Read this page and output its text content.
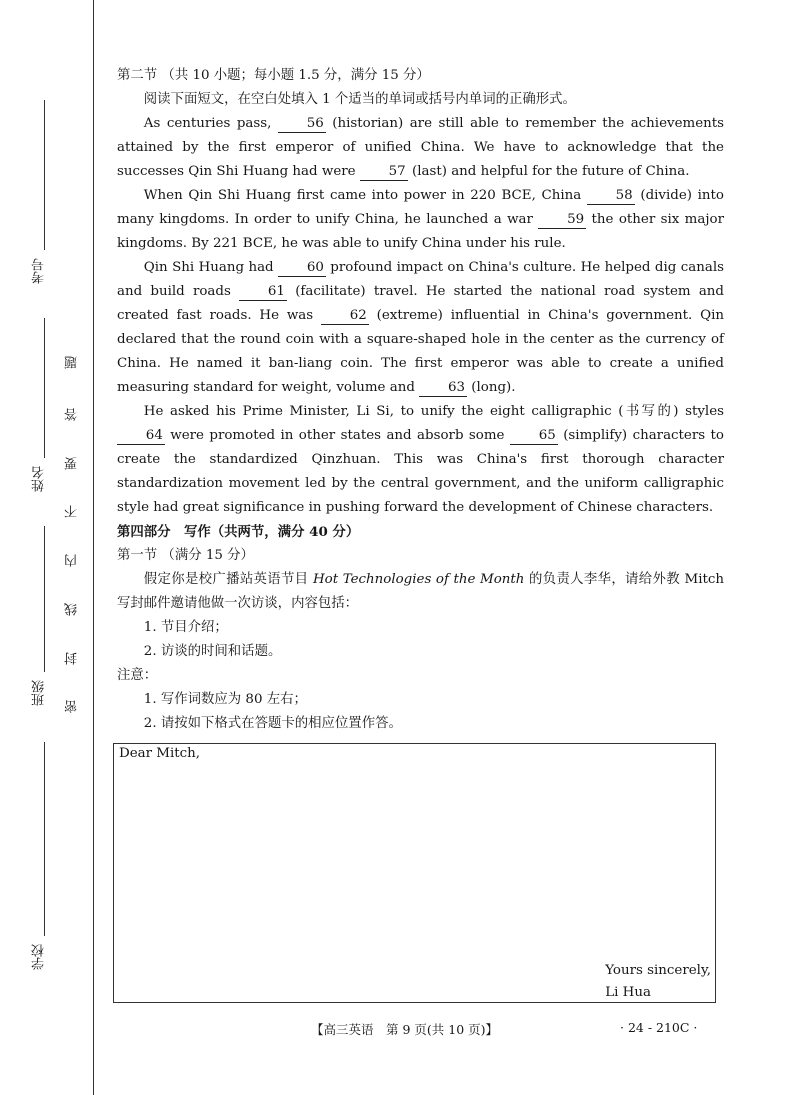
考号
姓名
班级
学校
题
答
要
不
内
线
封
密

第二节 （共 10 小题；每小题 1.5 分，满分 15 分）

阅读下面短文，在空白处填入 1 个适当的单词或括号内单词的正确形式。

As centuries pass,	56 (historian) are still able to remember the achievements attained by the first emperor of unified China. We have to acknowledge that the successes Qin Shi Huang had were 57 (last) and helpful for the future of China.

When Qin Shi Huang first came into power in 220 BCE, China	58 (divide) into many kingdoms. In order to unify China, he launched a war	59 the other six major kingdoms. By 221 BCE, he was able to unify China under his rule.

Qin Shi Huang had 60 profound impact on China's culture. He helped dig canals and build roads	61 (facilitate) travel. He started the national road system and created fast roads. He was	62 (extreme) influential in China's government. Qin declared that the round coin with a square-shaped hole in the center as the currency of China. He named it ban-liang coin. The first emperor was able to create a unified measuring standard for weight, volume and 63 (long).

He asked his Prime Minister, Li Si, to unify the eight calligraphic (书写的) styles 64 were promoted in other states and absorb some	65 (simplify) characters to create the standardized Qinzhuan. This was China's first thorough character standardization movement led by the central government, and the uniform calligraphic style had great significance in pushing forward the development of Chinese characters.

第四部分　写作（共两节，满分 40 分）

第一节 （满分 15 分）

假定你是校广播站英语节目 Hot Technologies of the Month 的负责人李华，请给外教 Mitch 写封邮件邀请他做一次访谈，内容包括：

1. 节目介绍；

2. 访谈的时间和话题。

注意：

1. 写作词数应为 80 左右；

2. 请按如下格式在答题卡的相应位置作答。

Dear Mitch,
Yours sincerely,
Li Hua
【高三英语　第 9 页(共 10 页)】	· 24 - 210C ·
